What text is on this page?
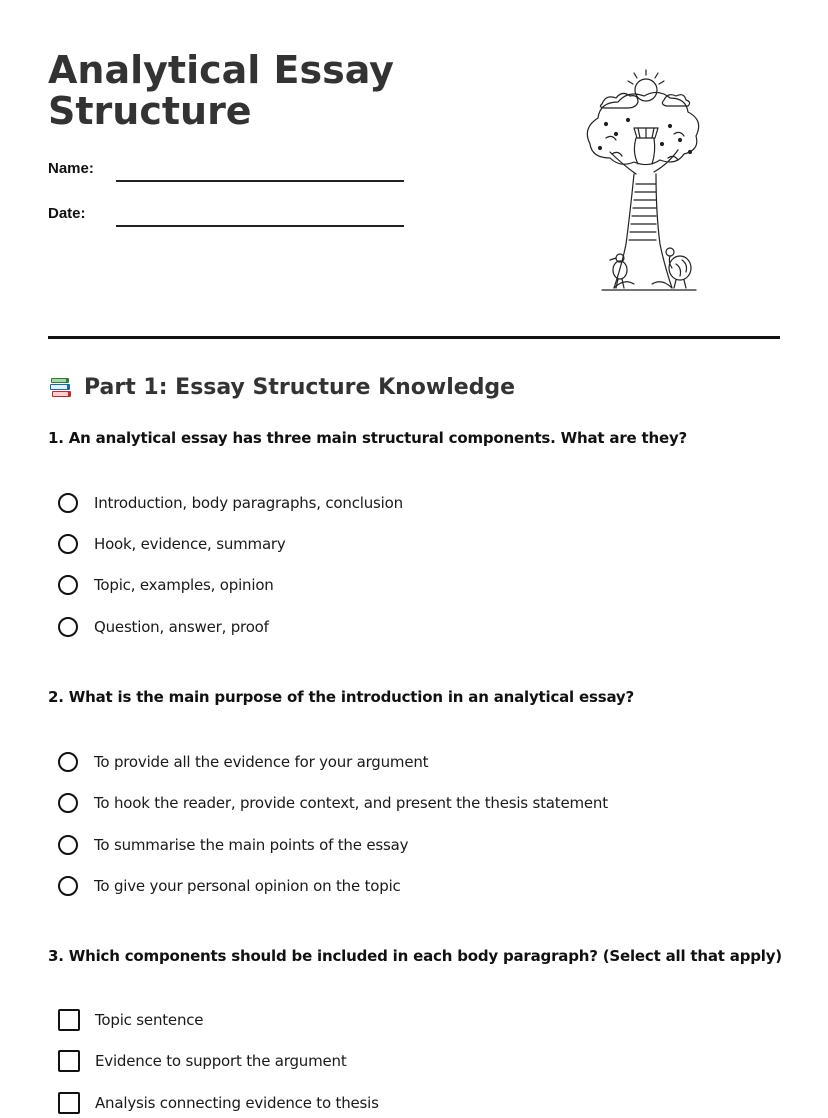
Analytical Essay
Structure
Name:
Date:
Part 1: Essay Structure Knowledge

1. An analytical essay has three main structural components. What are they?

Introduction, body paragraphs, conclusion
Hook, evidence, summary
Topic, examples, opinion
Question, answer, proof

2. What is the main purpose of the introduction in an analytical essay?

To provide all the evidence for your argument
To hook the reader, provide context, and present the thesis statement
To summarise the main points of the essay
To give your personal opinion on the topic

3. Which components should be included in each body paragraph? (Select all that apply)

Topic sentence
Evidence to support the argument
Analysis connecting evidence to thesis
